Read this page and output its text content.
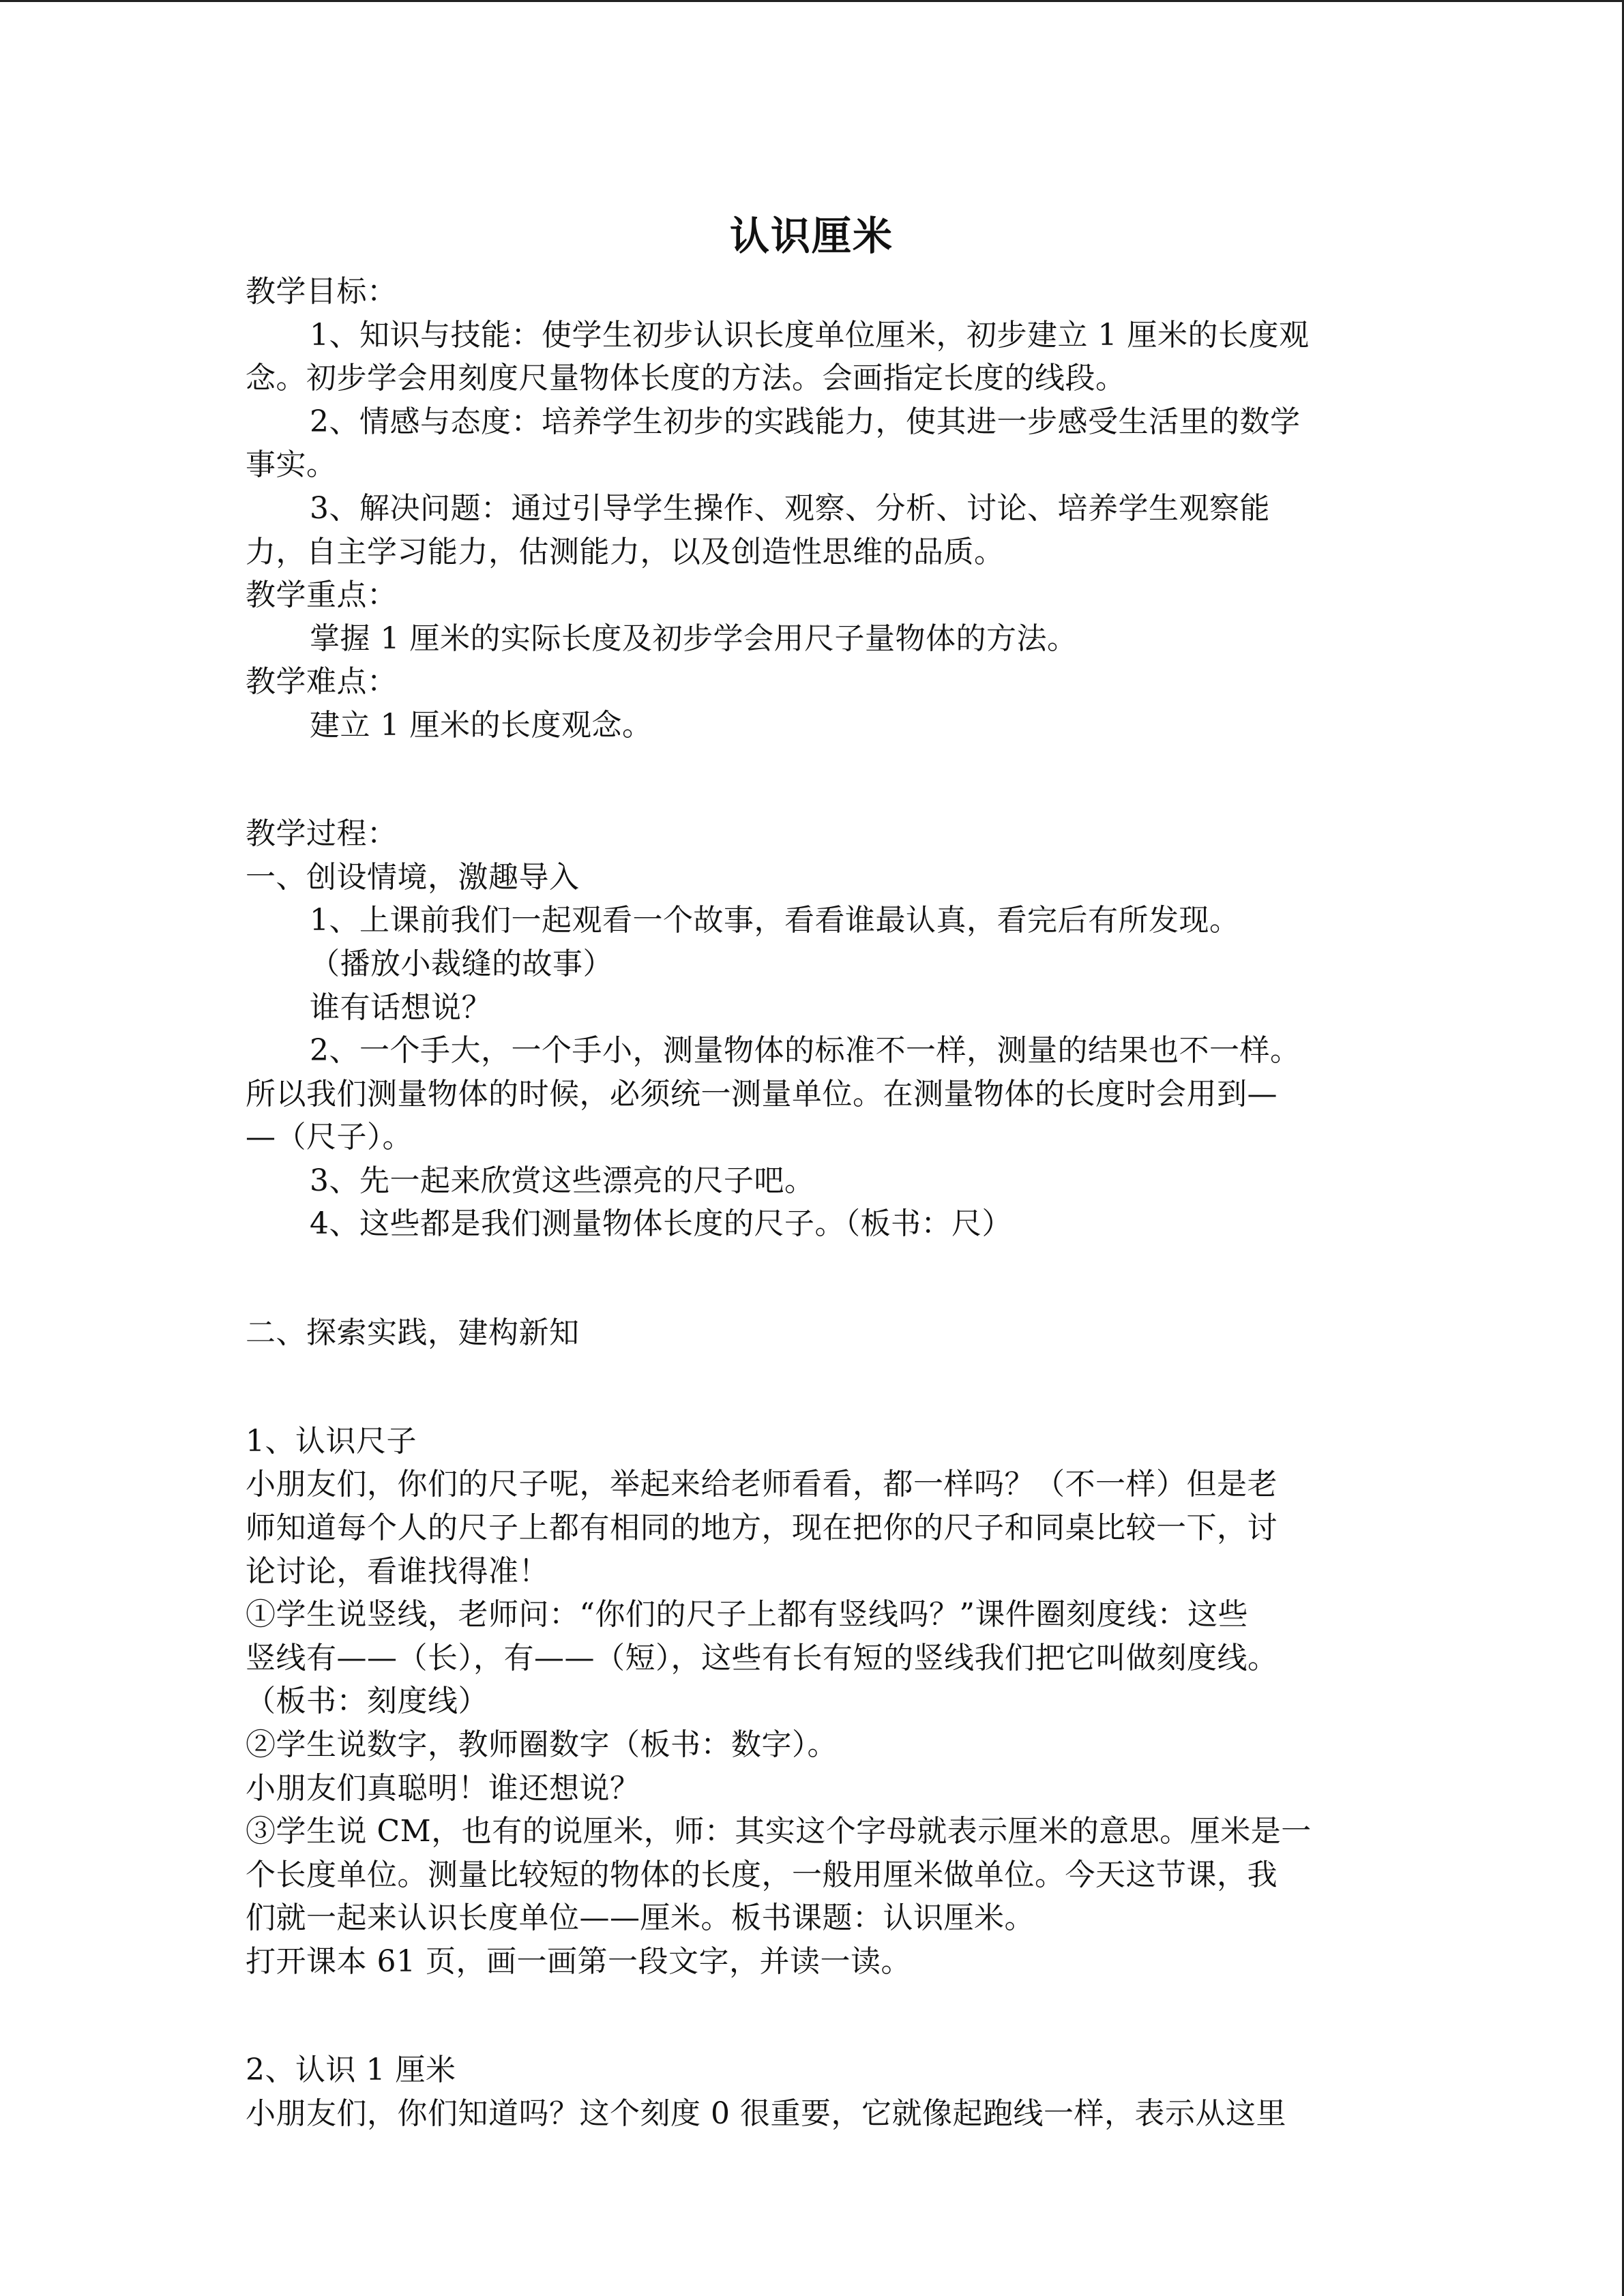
认识厘米

教学目标：

1、知识与技能：使学生初步认识长度单位厘米，初步建立 1 厘米的长度观

念。初步学会用刻度尺量物体长度的方法。会画指定长度的线段。

2、情感与态度：培养学生初步的实践能力，使其进一步感受生活里的数学

事实。

3、解决问题：通过引导学生操作、观察、分析、讨论、培养学生观察能

力，自主学习能力，估测能力，以及创造性思维的品质。

教学重点：

掌握 1 厘米的实际长度及初步学会用尺子量物体的方法。

教学难点：

建立 1 厘米的长度观念。

教学过程：

一、创设情境，激趣导入

1、上课前我们一起观看一个故事，看看谁最认真，看完后有所发现。

（播放小裁缝的故事）

谁有话想说？

2、一个手大，一个手小，测量物体的标准不一样，测量的结果也不一样。

所以我们测量物体的时候，必须统一测量单位。在测量物体的长度时会用到—

—（尺子）。

3、先一起来欣赏这些漂亮的尺子吧。

4、这些都是我们测量物体长度的尺子。（板书：尺）

二、探索实践，建构新知

1、认识尺子

小朋友们，你们的尺子呢，举起来给老师看看，都一样吗？（不一样）但是老

师知道每个人的尺子上都有相同的地方，现在把你的尺子和同桌比较一下，讨

论讨论，看谁找得准！

①学生说竖线，老师问：“你们的尺子上都有竖线吗？”课件圈刻度线：这些

竖线有——（长），有——（短），这些有长有短的竖线我们把它叫做刻度线。

（板书：刻度线）

②学生说数字，教师圈数字（板书：数字）。

小朋友们真聪明！谁还想说？

③学生说 CM，也有的说厘米，师：其实这个字母就表示厘米的意思。厘米是一

个长度单位。测量比较短的物体的长度，一般用厘米做单位。今天这节课，我

们就一起来认识长度单位——厘米。板书课题：认识厘米。

打开课本 61 页，画一画第一段文字，并读一读。

2、认识 1 厘米

小朋友们，你们知道吗？这个刻度 0 很重要，它就像起跑线一样，表示从这里
